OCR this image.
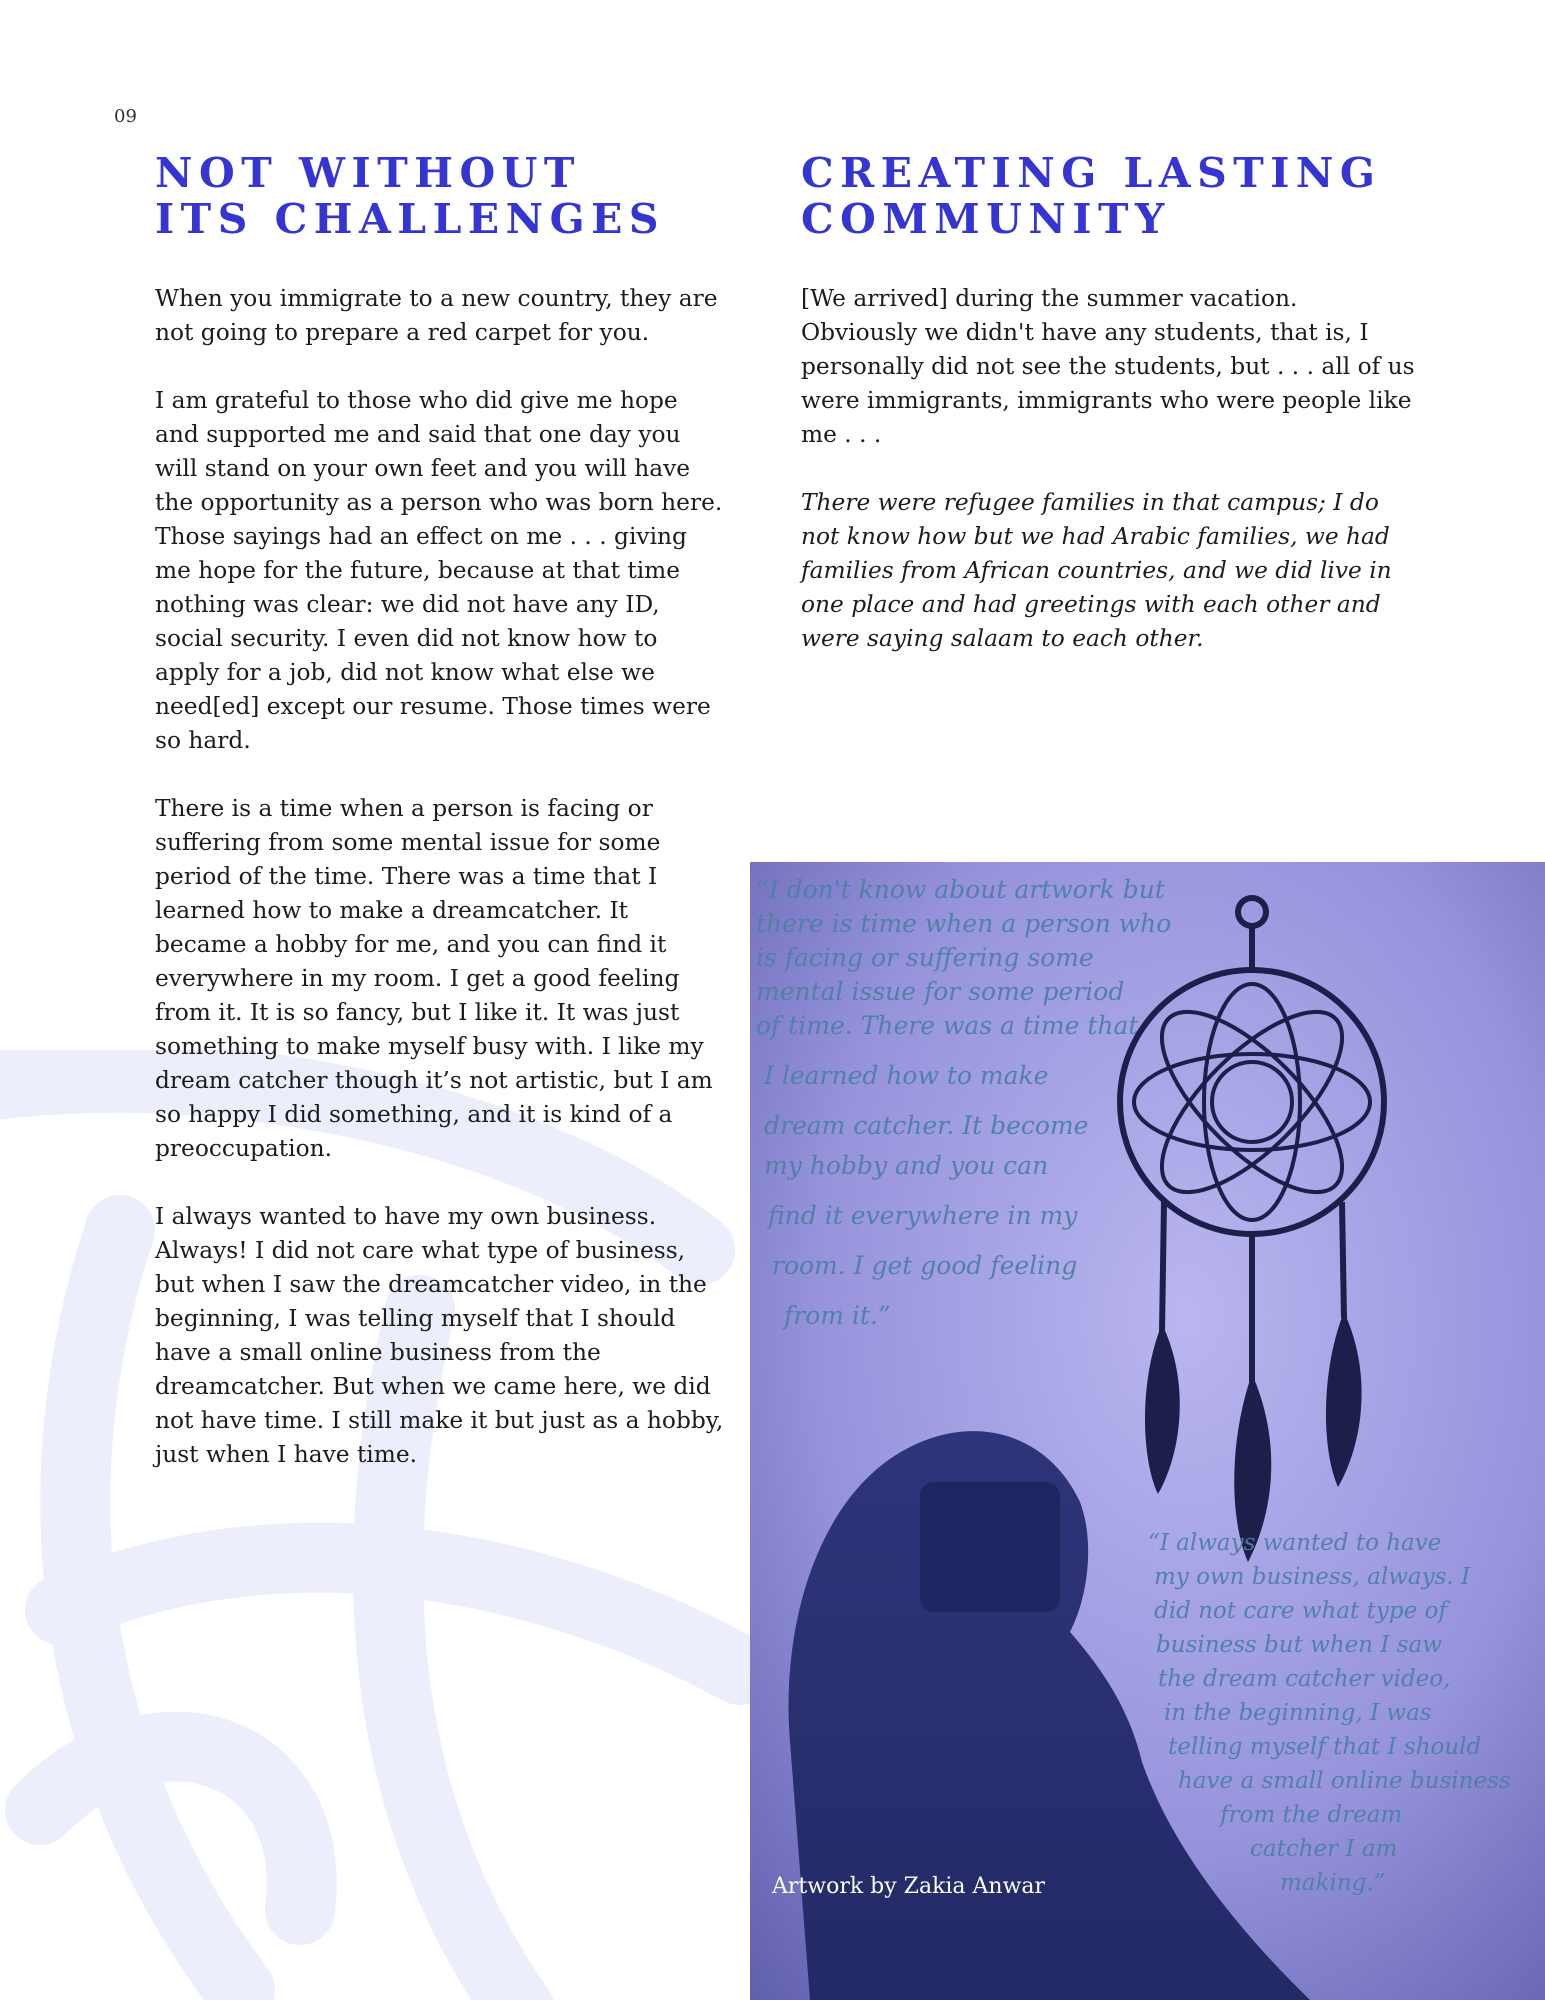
09
NOT WITHOUT
ITS CHALLENGES

When you immigrate to a new country, they are not going to prepare a red carpet for you.

I am grateful to those who did give me hope and supported me and said that one day you will stand on your own feet and you will have the opportunity as a person who was born here. Those sayings had an effect on me . . . giving me hope for the future, because at that time nothing was clear: we did not have any ID, social security. I even did not know how to apply for a job, did not know what else we need[ed] except our resume. Those times were so hard.

There is a time when a person is facing or suffering from some mental issue for some period of the time. There was a time that I learned how to make a dreamcatcher. It became a hobby for me, and you can find it everywhere in my room. I get a good feeling from it. It is so fancy, but I like it. It was just something to make myself busy with. I like my dream catcher though it’s not artistic, but I am so happy I did something, and it is kind of a preoccupation.

I always wanted to have my own business. Always! I did not care what type of business, but when I saw the dreamcatcher video, in the beginning, I was telling myself that I should have a small online business from the dreamcatcher. But when we came here, we did not have time. I still make it but just as a hobby, just when I have time.

CREATING LASTING
COMMUNITY

[We arrived] during the summer vacation. Obviously we didn't have any students, that is, I personally did not see the students, but . . . all of us were immigrants, immigrants who were people like me . . .

There were refugee families in that campus; I do not know how but we had Arabic families, we had families from African countries, and we did live in one place and had greetings with each other and were saying salaam to each other.

“I don't know about artwork but
there is time when a person who
is facing or suffering some
mental issue for some period
of time. There was a time that
I learned how to make
dream catcher. It become
my hobby and you can
find it everywhere in my
room. I get good feeling
from it.”
“I always wanted to have
my own business, always. I
did not care what type of
business but when I saw
the dream catcher video,
in the beginning, I was
telling myself that I should
have a small online business
from the dream
catcher I am
making.”
Artwork by Zakia Anwar
